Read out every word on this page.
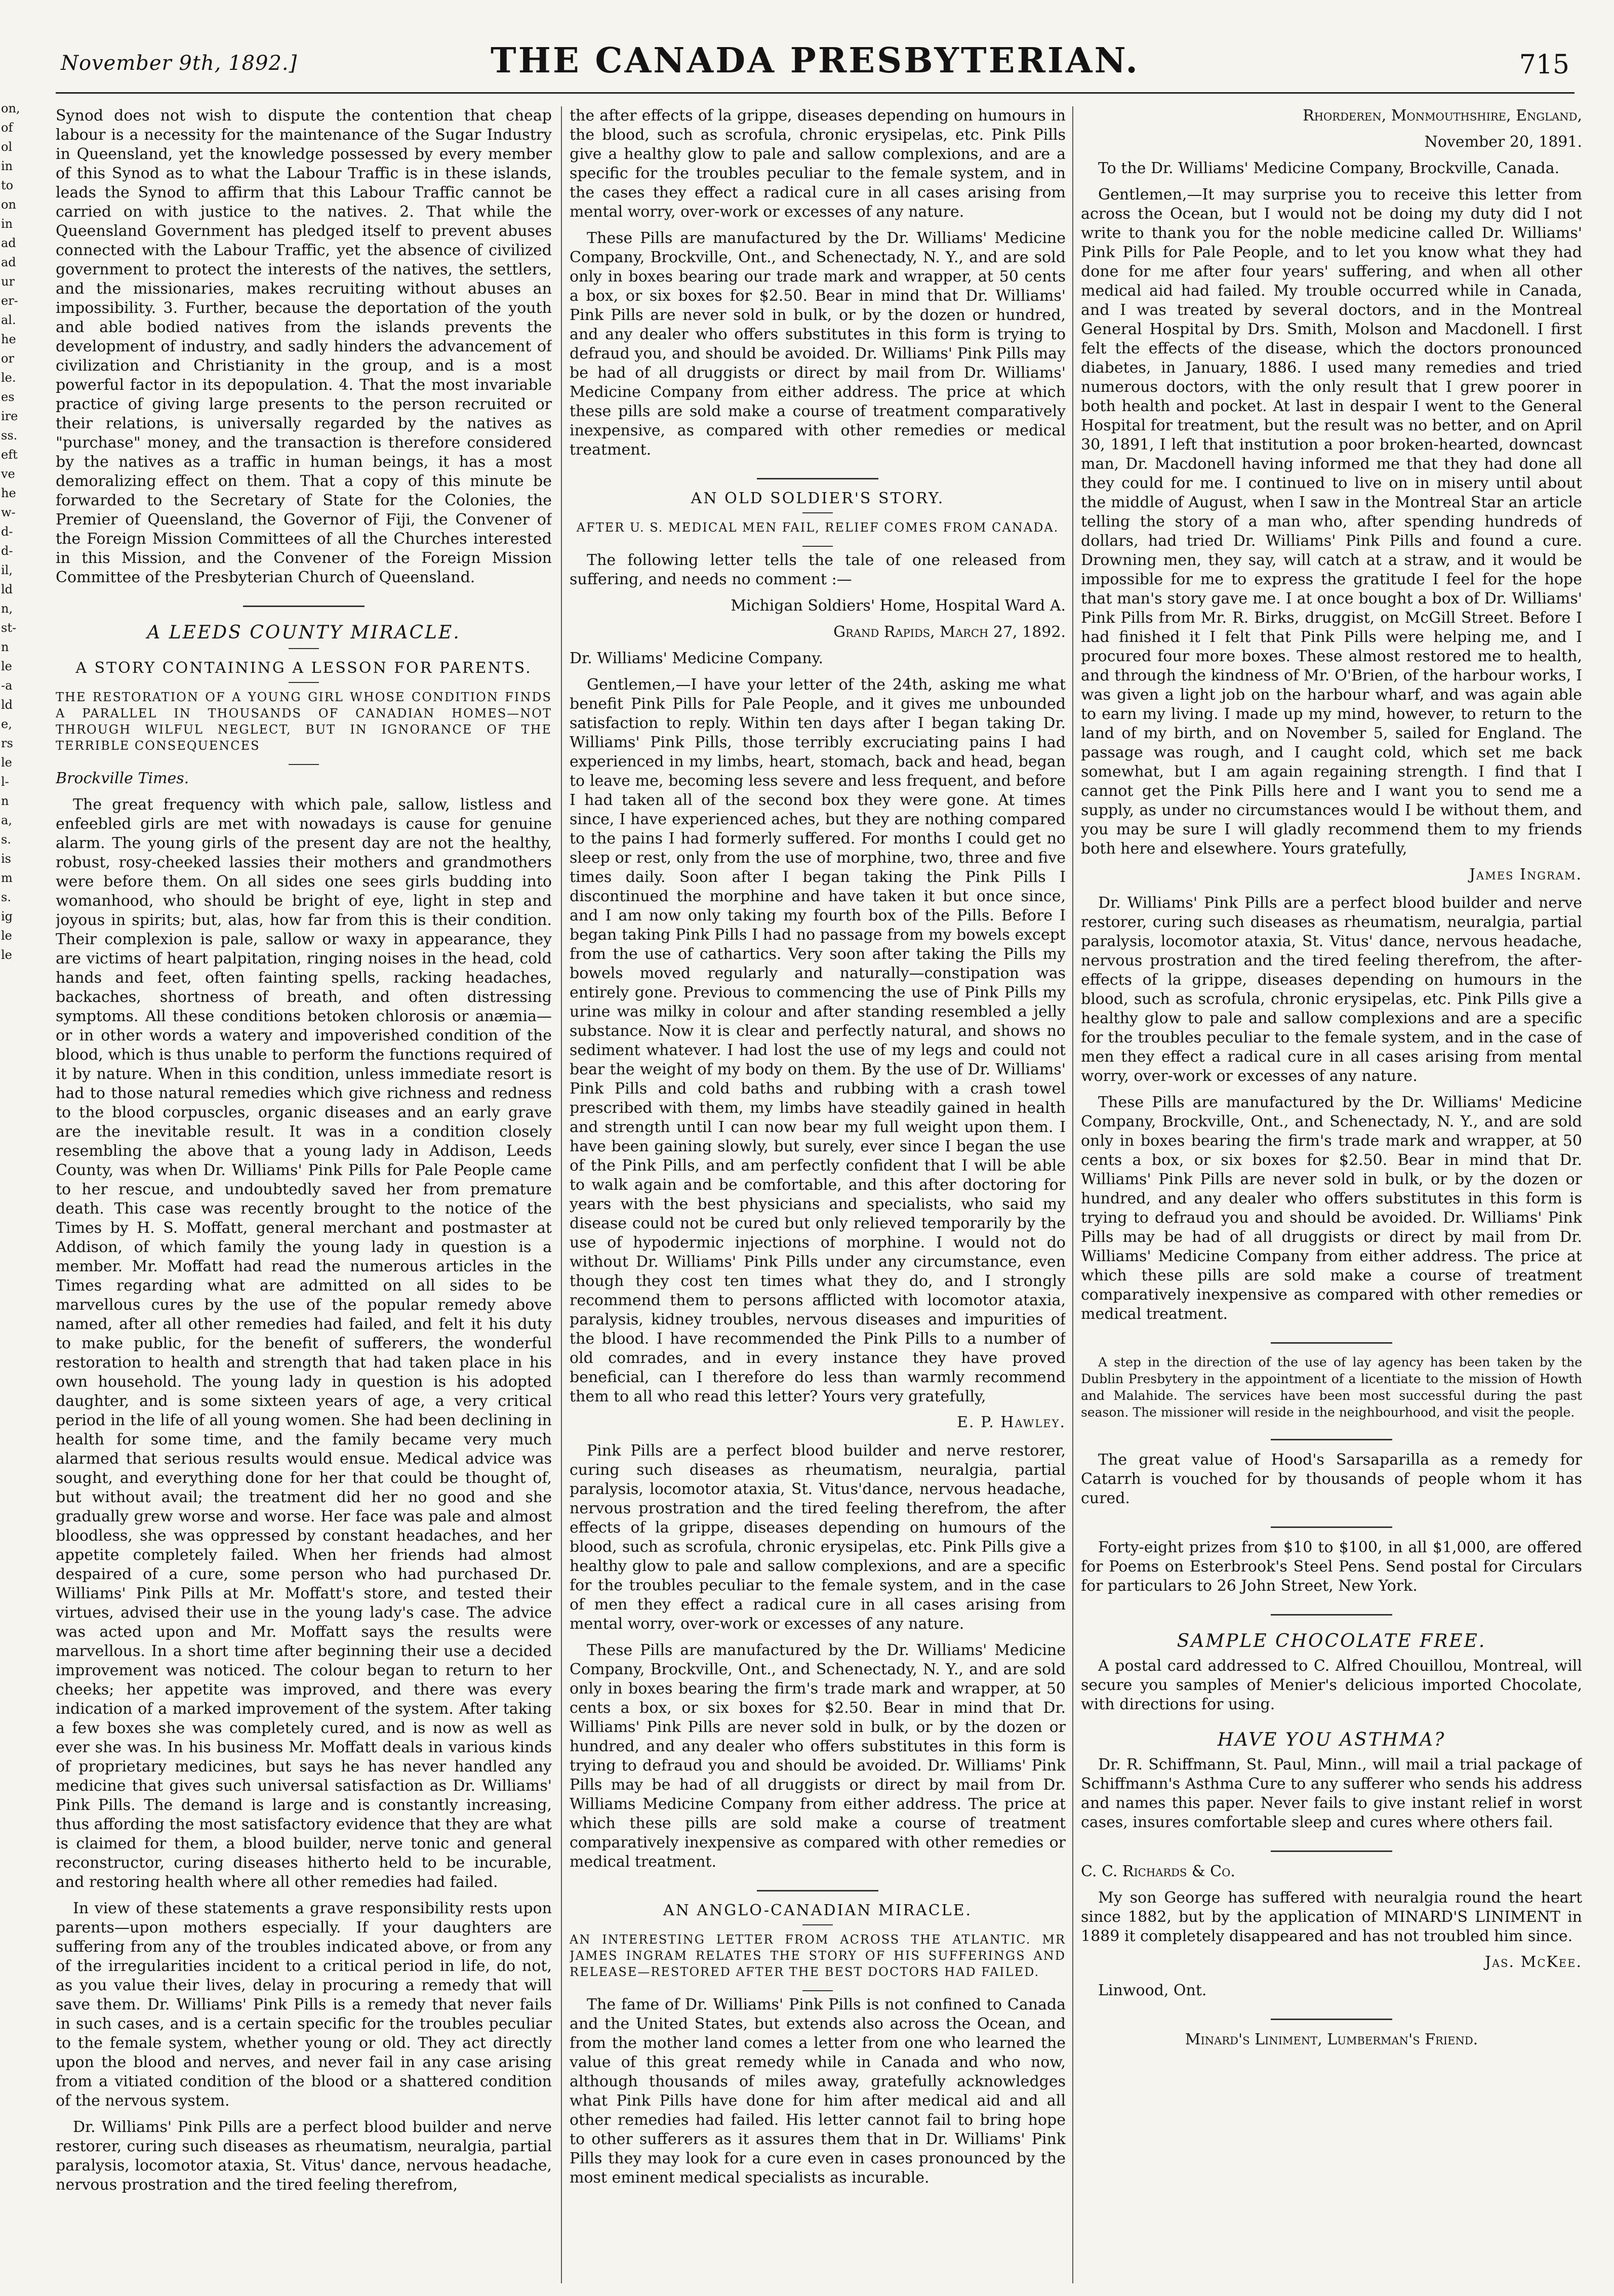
November 9th, 1892.]	THE CANADA PRESBYTERIAN.	715
on,
of
ol
in
to
on
in
ad
ad
ur
er-
al.
he
or
le.
es
ire
ss.
eft
ve
he
w-
d-
d-
il,
ld
n,
st-
n
le
-a
ld
e,
rs
le
l-
n
a,
s.
is
m
s.
ig
le
le

Synod does not wish to dispute the contention that cheap labour is a necessity for the maintenance of the Sugar Industry in Queensland, yet the knowledge possessed by every member of this Synod as to what the Labour Traffic is in these islands, leads the Synod to affirm that this Labour Traffic cannot be carried on with justice to the natives. 2. That while the Queensland Government has pledged itself to prevent abuses connected with the Labour Traffic, yet the absence of civilized government to protect the interests of the natives, the settlers, and the missionaries, makes recruiting without abuses an impossibility. 3. Further, because the deportation of the youth and able bodied natives from the islands prevents the development of industry, and sadly hinders the advancement of civilization and Christianity in the group, and is a most powerful factor in its depopulation. 4. That the most invariable practice of giving large presents to the person recruited or their relations, is universally regarded by the natives as "purchase" money, and the transaction is therefore considered by the natives as a traffic in human beings, it has a most demoralizing effect on them. That a copy of this minute be forwarded to the Secretary of State for the Colonies, the Premier of Queensland, the Governor of Fiji, the Convener of the Foreign Mission Committees of all the Churches interested in this Mission, and the Convener of the Foreign Mission Committee of the Presbyterian Church of Queensland.

A LEEDS COUNTY MIRACLE.
A STORY CONTAINING A LESSON FOR PARENTS.
THE RESTORATION OF A YOUNG GIRL WHOSE CONDITION FINDS A PARALLEL IN THOUSANDS OF CANADIAN HOMES—NOT THROUGH WILFUL NEGLECT, BUT IN IGNORANCE OF THE TERRIBLE CONSEQUENCES

Brockville Times.

The great frequency with which pale, sallow, listless and enfeebled girls are met with nowadays is cause for genuine alarm. The young girls of the present day are not the healthy, robust, rosy-cheeked lassies their mothers and grandmothers were before them. On all sides one sees girls budding into womanhood, who should be bright of eye, light in step and joyous in spirits; but, alas, how far from this is their condition. Their complexion is pale, sallow or waxy in appearance, they are victims of heart palpitation, ringing noises in the head, cold hands and feet, often fainting spells, racking headaches, backaches, shortness of breath, and often distressing symptoms. All these conditions betoken chlorosis or anæmia—or in other words a watery and impoverished condition of the blood, which is thus unable to perform the functions required of it by nature. When in this condition, unless immediate resort is had to those natural remedies which give richness and redness to the blood corpuscles, organic diseases and an early grave are the inevitable result. It was in a condition closely resembling the above that a young lady in Addison, Leeds County, was when Dr. Williams' Pink Pills for Pale People came to her rescue, and undoubtedly saved her from premature death. This case was recently brought to the notice of the Times by H. S. Moffatt, general merchant and postmaster at Addison, of which family the young lady in question is a member. Mr. Moffatt had read the numerous articles in the Times regarding what are admitted on all sides to be marvellous cures by the use of the popular remedy above named, after all other remedies had failed, and felt it his duty to make public, for the benefit of sufferers, the wonderful restoration to health and strength that had taken place in his own household. The young lady in question is his adopted daughter, and is some sixteen years of age, a very critical period in the life of all young women. She had been declining in health for some time, and the family became very much alarmed that serious results would ensue. Medical advice was sought, and everything done for her that could be thought of, but without avail; the treatment did her no good and she gradually grew worse and worse. Her face was pale and almost bloodless, she was oppressed by constant headaches, and her appetite completely failed. When her friends had almost despaired of a cure, some person who had purchased Dr. Williams' Pink Pills at Mr. Moffatt's store, and tested their virtues, advised their use in the young lady's case. The advice was acted upon and Mr. Moffatt says the results were marvellous. In a short time after beginning their use a decided improvement was noticed. The colour began to return to her cheeks; her appetite was improved, and there was every indication of a marked improvement of the system. After taking a few boxes she was completely cured, and is now as well as ever she was. In his business Mr. Moffatt deals in various kinds of proprietary medicines, but says he has never handled any medicine that gives such universal satisfaction as Dr. Williams' Pink Pills. The demand is large and is constantly increasing, thus affording the most satisfactory evidence that they are what is claimed for them, a blood builder, nerve tonic and general reconstructor, curing diseases hitherto held to be incurable, and restoring health where all other remedies had failed.

In view of these statements a grave responsibility rests upon parents—upon mothers especially. If your daughters are suffering from any of the troubles indicated above, or from any of the irregularities incident to a critical period in life, do not, as you value their lives, delay in procuring a remedy that will save them. Dr. Williams' Pink Pills is a remedy that never fails in such cases, and is a certain specific for the troubles peculiar to the female system, whether young or old. They act directly upon the blood and nerves, and never fail in any case arising from a vitiated condition of the blood or a shattered condition of the nervous system.

Dr. Williams' Pink Pills are a perfect blood builder and nerve restorer, curing such diseases as rheumatism, neuralgia, partial paralysis, locomotor ataxia, St. Vitus' dance, nervous headache, nervous prostration and the tired feeling therefrom,

the after effects of la grippe, diseases depending on humours in the blood, such as scrofula, chronic erysipelas, etc. Pink Pills give a healthy glow to pale and sallow complexions, and are a specific for the troubles peculiar to the female system, and in the cases they effect a radical cure in all cases arising from mental worry, over-work or excesses of any nature.

These Pills are manufactured by the Dr. Williams' Medicine Company, Brockville, Ont., and Schenectady, N. Y., and are sold only in boxes bearing our trade mark and wrapper, at 50 cents a box, or six boxes for $2.50. Bear in mind that Dr. Williams' Pink Pills are never sold in bulk, or by the dozen or hundred, and any dealer who offers substitutes in this form is trying to defraud you, and should be avoided. Dr. Williams' Pink Pills may be had of all druggists or direct by mail from Dr. Williams' Medicine Company from either address. The price at which these pills are sold make a course of treatment comparatively inexpensive, as compared with other remedies or medical treatment.

AN OLD SOLDIER'S STORY.
AFTER U. S. MEDICAL MEN FAIL, RELIEF COMES FROM CANADA.

The following letter tells the tale of one released from suffering, and needs no comment :—

Michigan Soldiers' Home, Hospital Ward A.

Grand Rapids, March 27, 1892.

Dr. Williams' Medicine Company.

Gentlemen,—I have your letter of the 24th, asking me what benefit Pink Pills for Pale People, and it gives me unbounded satisfaction to reply. Within ten days after I began taking Dr. Williams' Pink Pills, those terribly excruciating pains I had experienced in my limbs, heart, stomach, back and head, began to leave me, becoming less severe and less frequent, and before I had taken all of the second box they were gone. At times since, I have experienced aches, but they are nothing compared to the pains I had formerly suffered. For months I could get no sleep or rest, only from the use of morphine, two, three and five times daily. Soon after I began taking the Pink Pills I discontinued the morphine and have taken it but once since, and I am now only taking my fourth box of the Pills. Before I began taking Pink Pills I had no passage from my bowels except from the use of cathartics. Very soon after taking the Pills my bowels moved regularly and naturally—constipation was entirely gone. Previous to commencing the use of Pink Pills my urine was milky in colour and after standing resembled a jelly substance. Now it is clear and perfectly natural, and shows no sediment whatever. I had lost the use of my legs and could not bear the weight of my body on them. By the use of Dr. Williams' Pink Pills and cold baths and rubbing with a crash towel prescribed with them, my limbs have steadily gained in health and strength until I can now bear my full weight upon them. I have been gaining slowly, but surely, ever since I began the use of the Pink Pills, and am perfectly confident that I will be able to walk again and be comfortable, and this after doctoring for years with the best physicians and specialists, who said my disease could not be cured but only relieved temporarily by the use of hypodermic injections of morphine. I would not do without Dr. Williams' Pink Pills under any circumstance, even though they cost ten times what they do, and I strongly recommend them to persons afflicted with locomotor ataxia, paralysis, kidney troubles, nervous diseases and impurities of the blood. I have recommended the Pink Pills to a number of old comrades, and in every instance they have proved beneficial, can I therefore do less than warmly recommend them to all who read this letter? Yours very gratefully,

E. P. Hawley.

Pink Pills are a perfect blood builder and nerve restorer, curing such diseases as rheumatism, neuralgia, partial paralysis, locomotor ataxia, St. Vitus'dance, nervous headache, nervous prostration and the tired feeling therefrom, the after effects of la grippe, diseases depending on humours of the blood, such as scrofula, chronic erysipelas, etc. Pink Pills give a healthy glow to pale and sallow complexions, and are a specific for the troubles peculiar to the female system, and in the case of men they effect a radical cure in all cases arising from mental worry, over-work or excesses of any nature.

These Pills are manufactured by the Dr. Williams' Medicine Company, Brockville, Ont., and Schenectady, N. Y., and are sold only in boxes bearing the firm's trade mark and wrapper, at 50 cents a box, or six boxes for $2.50. Bear in mind that Dr. Williams' Pink Pills are never sold in bulk, or by the dozen or hundred, and any dealer who offers substitutes in this form is trying to defraud you and should be avoided. Dr. Williams' Pink Pills may be had of all druggists or direct by mail from Dr. Williams Medicine Company from either address. The price at which these pills are sold make a course of treatment comparatively inexpensive as compared with other remedies or medical treatment.

AN ANGLO-CANADIAN MIRACLE.
AN INTERESTING LETTER FROM ACROSS THE ATLANTIC. MR JAMES INGRAM RELATES THE STORY OF HIS SUFFERINGS AND RELEASE—RESTORED AFTER THE BEST DOCTORS HAD FAILED.

The fame of Dr. Williams' Pink Pills is not confined to Canada and the United States, but extends also across the Ocean, and from the mother land comes a letter from one who learned the value of this great remedy while in Canada and who now, although thousands of miles away, gratefully acknowledges what Pink Pills have done for him after medical aid and all other remedies had failed. His letter cannot fail to bring hope to other sufferers as it assures them that in Dr. Williams' Pink Pills they may look for a cure even in cases pronounced by the most eminent medical specialists as incurable.

Rhorderen, Monmouthshire, England,

November 20, 1891.

To the Dr. Williams' Medicine Company, Brockville, Canada.

Gentlemen,—It may surprise you to receive this letter from across the Ocean, but I would not be doing my duty did I not write to thank you for the noble medicine called Dr. Williams' Pink Pills for Pale People, and to let you know what they had done for me after four years' suffering, and when all other medical aid had failed. My trouble occurred while in Canada, and I was treated by several doctors, and in the Montreal General Hospital by Drs. Smith, Molson and Macdonell. I first felt the effects of the disease, which the doctors pronounced diabetes, in January, 1886. I used many remedies and tried numerous doctors, with the only result that I grew poorer in both health and pocket. At last in despair I went to the General Hospital for treatment, but the result was no better, and on April 30, 1891, I left that institution a poor broken-hearted, downcast man, Dr. Macdonell having informed me that they had done all they could for me. I continued to live on in misery until about the middle of August, when I saw in the Montreal Star an article telling the story of a man who, after spending hundreds of dollars, had tried Dr. Williams' Pink Pills and found a cure. Drowning men, they say, will catch at a straw, and it would be impossible for me to express the gratitude I feel for the hope that man's story gave me. I at once bought a box of Dr. Williams' Pink Pills from Mr. R. Birks, druggist, on McGill Street. Before I had finished it I felt that Pink Pills were helping me, and I procured four more boxes. These almost restored me to health, and through the kindness of Mr. O'Brien, of the harbour works, I was given a light job on the harbour wharf, and was again able to earn my living. I made up my mind, however, to return to the land of my birth, and on November 5, sailed for England. The passage was rough, and I caught cold, which set me back somewhat, but I am again regaining strength. I find that I cannot get the Pink Pills here and I want you to send me a supply, as under no circumstances would I be without them, and you may be sure I will gladly recommend them to my friends both here and elsewhere. Yours gratefully,

James Ingram.

Dr. Williams' Pink Pills are a perfect blood builder and nerve restorer, curing such diseases as rheumatism, neuralgia, partial paralysis, locomotor ataxia, St. Vitus' dance, nervous headache, nervous prostration and the tired feeling therefrom, the after-effects of la grippe, diseases depending on humours in the blood, such as scrofula, chronic erysipelas, etc. Pink Pills give a healthy glow to pale and sallow complexions and are a specific for the troubles peculiar to the female system, and in the case of men they effect a radical cure in all cases arising from mental worry, over-work or excesses of any nature.

These Pills are manufactured by the Dr. Williams' Medicine Company, Brockville, Ont., and Schenectady, N. Y., and are sold only in boxes bearing the firm's trade mark and wrapper, at 50 cents a box, or six boxes for $2.50. Bear in mind that Dr. Williams' Pink Pills are never sold in bulk, or by the dozen or hundred, and any dealer who offers substitutes in this form is trying to defraud you and should be avoided. Dr. Williams' Pink Pills may be had of all druggists or direct by mail from Dr. Williams' Medicine Company from either address. The price at which these pills are sold make a course of treatment comparatively inexpensive as compared with other remedies or medical treatment.

A step in the direction of the use of lay agency has been taken by the Dublin Presbytery in the appointment of a licentiate to the mission of Howth and Malahide. The services have been most successful during the past season. The missioner will reside in the neighbourhood, and visit the people.

The great value of Hood's Sarsaparilla as a remedy for Catarrh is vouched for by thousands of people whom it has cured.

Forty-eight prizes from $10 to $100, in all $1,000, are offered for Poems on Esterbrook's Steel Pens. Send postal for Circulars for particulars to 26 John Street, New York.

SAMPLE CHOCOLATE FREE.

A postal card addressed to C. Alfred Chouillou, Montreal, will secure you samples of Menier's delicious imported Chocolate, with directions for using.

HAVE YOU ASTHMA?

Dr. R. Schiffmann, St. Paul, Minn., will mail a trial package of Schiffmann's Asthma Cure to any sufferer who sends his address and names this paper. Never fails to give instant relief in worst cases, insures comfortable sleep and cures where others fail.

C. C. Richards & Co.

My son George has suffered with neuralgia round the heart since 1882, but by the application of MINARD'S LINIMENT in 1889 it completely disappeared and has not troubled him since.

Jas. McKee.

Linwood, Ont.

Minard's Liniment, Lumberman's Friend.
